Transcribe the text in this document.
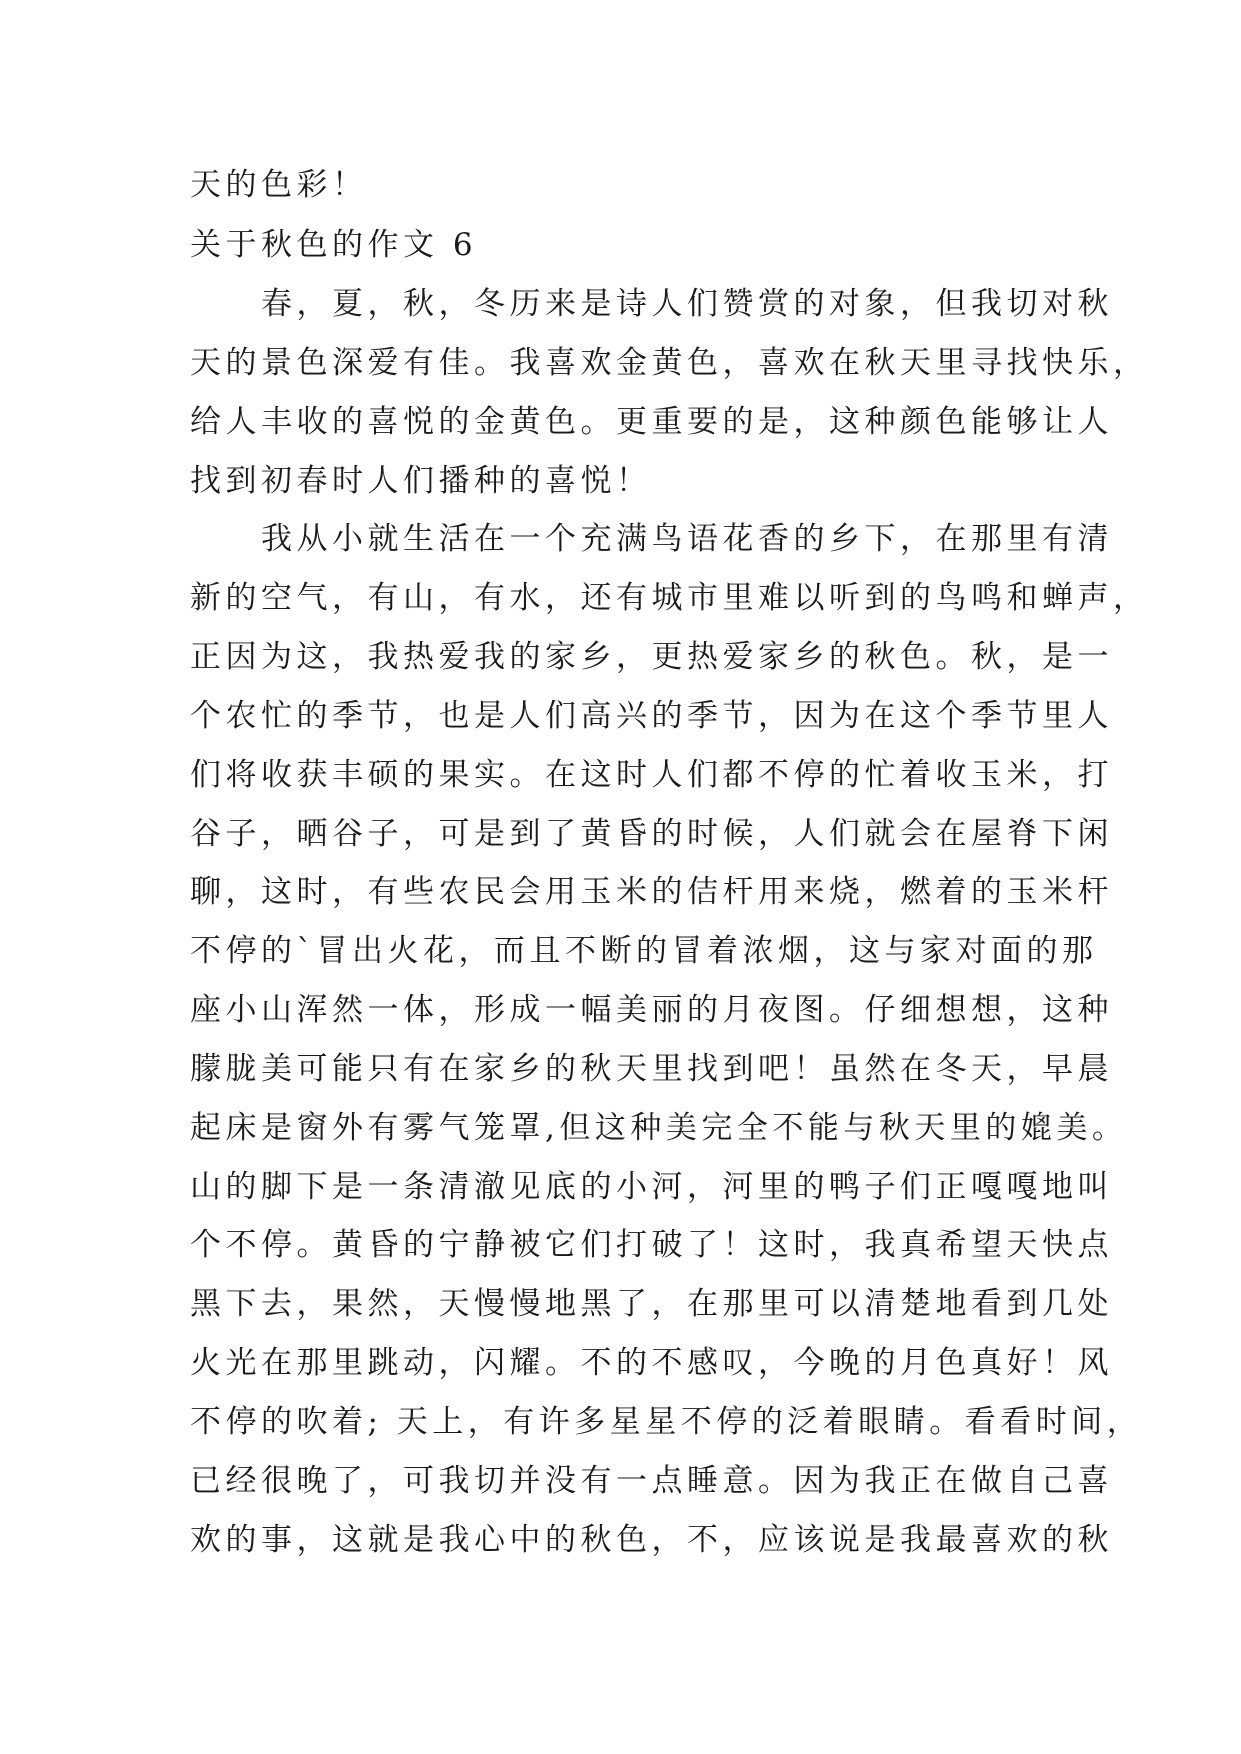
天的色彩！
关于秋色的作文 6
　　春，夏，秋，冬历来是诗人们赞赏的对象，但我切对秋
天的景色深爱有佳。我喜欢金黄色，喜欢在秋天里寻找快乐，
给人丰收的喜悦的金黄色。更重要的是，这种颜色能够让人
找到初春时人们播种的喜悦！
　　我从小就生活在一个充满鸟语花香的乡下，在那里有清
新的空气，有山，有水，还有城市里难以听到的鸟鸣和蝉声，
正因为这，我热爱我的家乡，更热爱家乡的秋色。秋，是一
个农忙的季节，也是人们高兴的季节，因为在这个季节里人
们将收获丰硕的果实。在这时人们都不停的忙着收玉米，打
谷子，晒谷子，可是到了黄昏的时候，人们就会在屋脊下闲
聊，这时，有些农民会用玉米的佶杆用来烧，燃着的玉米杆
不停的`冒出火花，而且不断的冒着浓烟，这与家对面的那
座小山浑然一体，形成一幅美丽的月夜图。仔细想想，这种
朦胧美可能只有在家乡的秋天里找到吧！虽然在冬天，早晨
起床是窗外有雾气笼罩,但这种美完全不能与秋天里的媲美。
山的脚下是一条清澈见底的小河，河里的鸭子们正嘎嘎地叫
个不停。黄昏的宁静被它们打破了！这时，我真希望天快点
黑下去，果然，天慢慢地黑了，在那里可以清楚地看到几处
火光在那里跳动，闪耀。不的不感叹，今晚的月色真好！风
不停的吹着; 天上，有许多星星不停的泛着眼睛。看看时间，
已经很晚了，可我切并没有一点睡意。因为我正在做自己喜
欢的事，这就是我心中的秋色，不，应该说是我最喜欢的秋
